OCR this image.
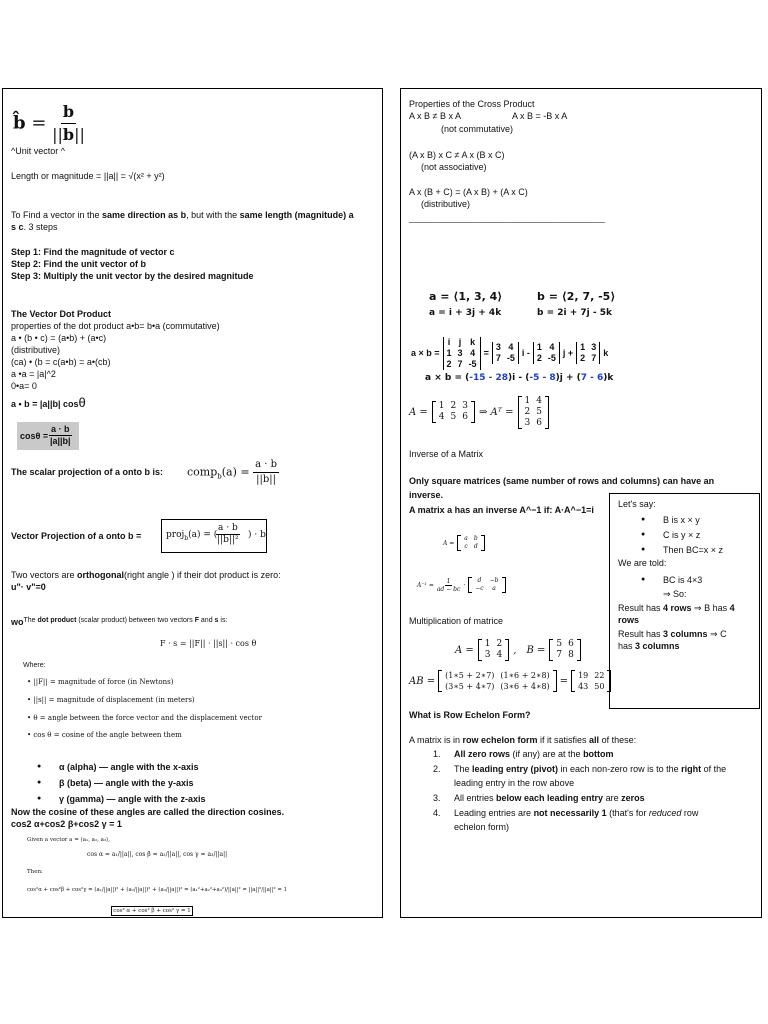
b̂ = $\frac{b}{||b||}$
^Unit vector ^
Length or magnitude = ||a|| = √(x² + y²)
To Find a vector in the same direction as b, but with the same length (magnitude) a
s c. 3 steps
Step 1: Find the magnitude of vector c
Step 2: Find the unit vector of b
Step 3: Multiply the unit vector by the desired magnitude
The Vector Dot Product
properties of the dot product a•b= b•a (commutative)
a • (b • c) = (a•b) + (a•c)
(distributive)
(ca) • (b = c(a•b) = a•(cb)
a •a = |a|^2
0•a= 0
a • b = |a||b| cosθ
$\cos\theta = \frac{a \cdot b}{|a||b|}$
The scalar projection of a onto b is: comp$_b$(a) = $\frac{a \cdot b}{||b||}$
Vector Projection of a onto b =	proj$_b$(a) = (
$\frac{a \cdot b}{\text{||b||²}}$ ) · b
Two vectors are orthogonal(right angle ) if their dot product is zero:
u"· v"=0
$wo^{The dot product (scalar product) between two vectors F and s is:}$
F · s = ||F|| · ||s|| · cos θ
Where:
• ||F|| = magnitude of force (in Newtons)
• ||s|| = magnitude of displacement (in meters)
• θ = angle between the force vector and the displacement vector
• cos θ = cosine of the angle between them
● α (alpha) — angle with the x-axis
● β (beta) — angle with the y-axis
● γ (gamma) — angle with the z-axis
Now the cosine of these angles are called the direction cosines.
cos2 α+cos2 β+cos2 γ = 1
Given a vector a = ⟨a₁, a₂, a₃⟩,
cos α = a₁/||a||, cos β = a₂/||a||, cos γ = a₃/||a||
Then:
cos²α + cos²β + cos²γ = (a₁/||a||)² + (a₂/||a||)² + (a₃/||a||)² = (a₁²+a₂²+a₃²)/||a||² = ||a||²/||a||² = 1
cos² α + cos² β + cos² γ = 1
Properties of the Cross Product
A x B ≠ B x A	A x B = -B x A
(not commutative)
(A x B) x C ≠ A x (B x C)
(not associative)
A x (B + C) = (A x B) + (A x C)
(distributive)
____________________________________________
a = ⟨1, 3, 4⟩	b = ⟨2, 7, -5⟩
a = i + 3j + 4k	b = 2i + 7j - 5k
a × b =
i	j	k
1	3	4
2	7	-5
=
3	4
7	-5 i -
1	4
2	-5 j +
1	3
2	7 k
a × b = (-15 - 28)i - (-5 - 8)j + (7 - 6)k
A =
1	2	3
4	5	6 ⇒ Aᵀ =
1	4
2	5
3	6
Inverse of a Matrix
Only square matrices (same number of rows and columns) can have an
inverse.
A matrix a has an inverse A^−1 if: A·A^−1=i
A =
a	b
c	d
$A^{-1} = \frac{1}{ad - bc}$ ·
d	−b
−c	a
Multiplication of matrice
A =
1	2
3	4 , B =
5	6
7	8
AB = (1∗5 + 2∗7)	(1∗6 + 2∗8)
(3∗5 + 4∗7)	(3∗6 + 4∗8) = 19	22
43	50
Let's say:
● B is x × y
● C is y × z
● Then BC=x × z
We are told:
● BC is 4×3
⇒ So:
Result has 4 rows ⇒ B has 4
rows
Result has 3 columns ⇒ C
has 3 columns
What is Row Echelon Form?
A matrix is in row echelon form if it satisfies all of these:
1. All zero rows (if any) are at the bottom
2. The leading entry (pivot) in each non-zero row is to the right of the
leading entry in the row above
3. All entries below each leading entry are zeros
4. Leading entries are not necessarily 1 (that's for reduced row
echelon form)
